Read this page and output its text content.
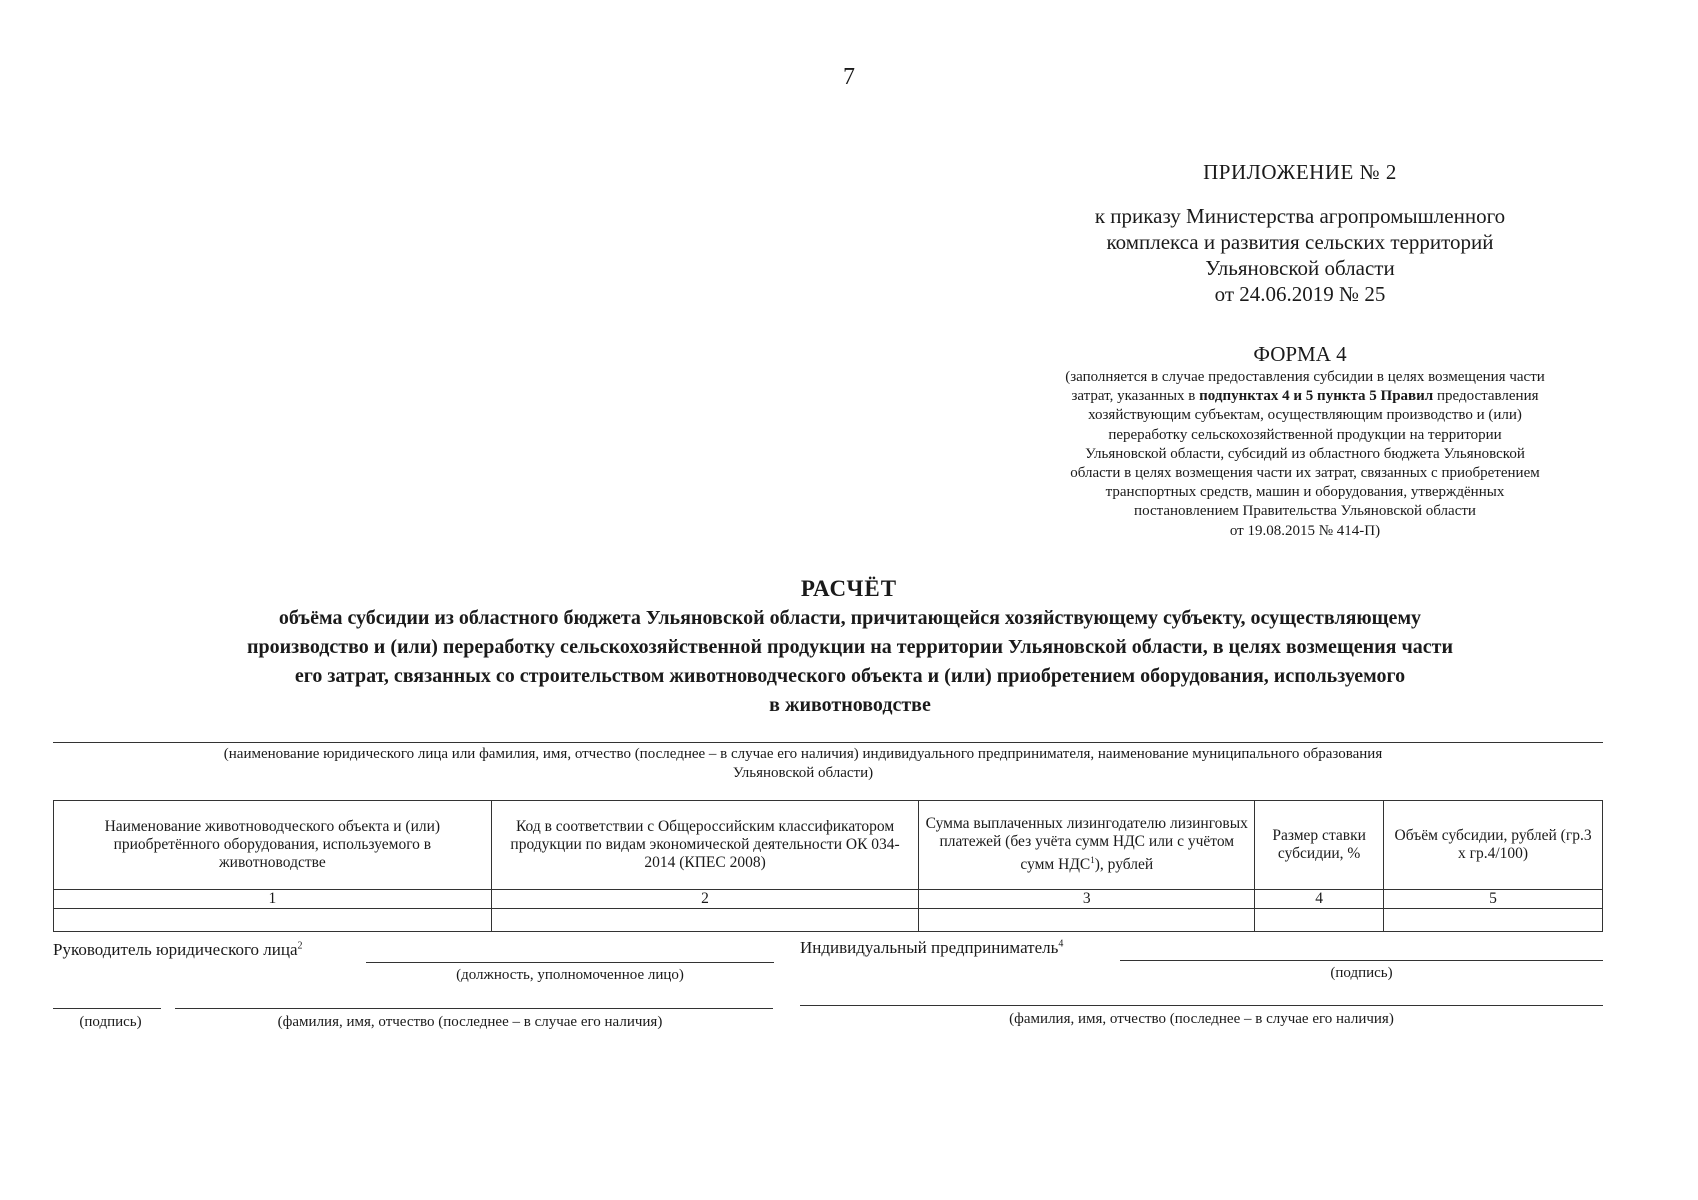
7
ПРИЛОЖЕНИЕ № 2
к приказу Министерства агропромышленного
комплекса и развития сельских территорий
Ульяновской области
от 24.06.2019 № 25
ФОРМА 4
(заполняется в случае предоставления субсидии в целях возмещения части
затрат, указанных в подпунктах 4 и 5 пункта 5 Правил предоставления
хозяйствующим субъектам, осуществляющим производство и (или)
переработку сельскохозяйственной продукции на территории
Ульяновской области, субсидий из областного бюджета Ульяновской
области в целях возмещения части их затрат, связанных с приобретением
транспортных средств, машин и оборудования, утверждённых
постановлением Правительства Ульяновской области
от 19.08.2015 № 414-П)
РАСЧЁТ
объёма субсидии из областного бюджета Ульяновской области, причитающейся хозяйствующему субъекту, осуществляющему
производство и (или) переработку сельскохозяйственной продукции на территории Ульяновской области, в целях возмещения части
его затрат, связанных со строительством животноводческого объекта и (или) приобретением оборудования, используемого
в животноводстве
(наименование юридического лица или фамилия, имя, отчество (последнее – в случае его наличия) индивидуального предпринимателя, наименование муниципального образования
Ульяновской области)
Наименование животноводческого объекта и (или) приобретённого оборудования, используемого в животноводстве	Код в соответствии с Общероссийским классификатором продукции по видам экономической деятельности ОК 034-2014 (КПЕС 2008)	Сумма выплаченных лизингодателю лизинговых платежей (без учёта сумм НДС или с учётом сумм НДС$^1$), рублей	Размер ставки субсидии, %	Объём субсидии, рублей (гр.3 x гр.4/100)
1	2	3	4	5

Руководитель юридического лица$^2$
(должность, уполномоченное лицо)
(подпись)	(фамилия, имя, отчество (последнее – в случае его наличия)
Индивидуальный предприниматель$^4$
(подпись)
(фамилия, имя, отчество (последнее – в случае его наличия)
